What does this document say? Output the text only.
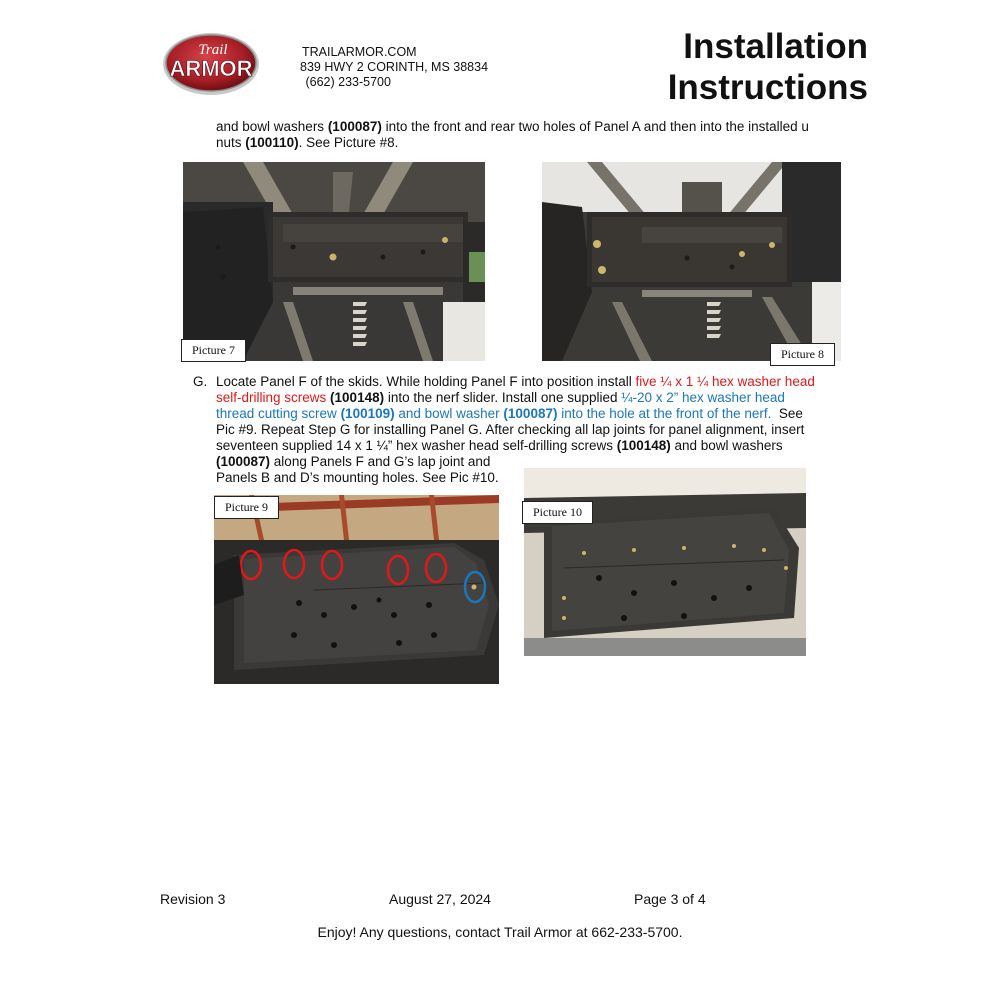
Trail
ARMOR
TRAILARMOR.COM
839 HWY 2 CORINTH, MS 38834
(662) 233-5700
Installation
Instructions
and bowl washers (100087) into the front and rear two holes of Panel A and then into the installed u
nuts (100110). See Picture #8.
Picture 7	Picture 8
G. Locate Panel F of the skids. While holding Panel F into position install five ¼ x 1 ¼ hex washer head
self-drilling screws (100148) into the nerf slider. Install one supplied ¼-20 x 2” hex washer head
thread cutting screw (100109) and bowl washer (100087) into the hole at the front of the nerf.  See
Pic #9. Repeat Step G for installing Panel G. After checking all lap joints for panel alignment, insert
seventeen supplied 14 x 1 ¼” hex washer head self-drilling screws (100148) and bowl washers
(100087) along Panels F and G’s lap joint and
Panels B and D’s mounting holes. See Pic #10.
Picture 9	Picture 10
Revision 3	August 27, 2024	Page 3 of 4
Enjoy! Any questions, contact Trail Armor at 662-233-5700.
